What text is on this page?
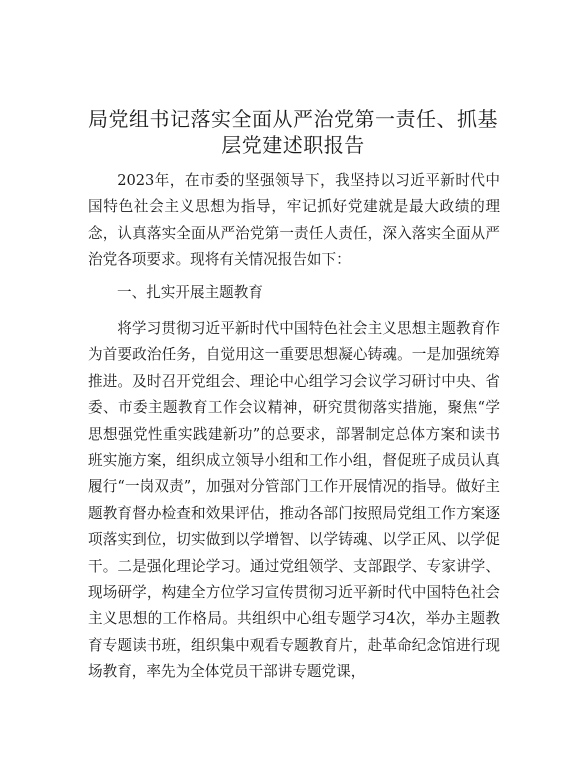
局党组书记落实全面从严治党第一责任、抓基
层党建述职报告

2023年，在市委的坚强领导下，我坚持以习近平新时代中国特色社会主义思想为指导，牢记抓好党建就是最大政绩的理念，认真落实全面从严治党第一责任人责任，深入落实全面从严治党各项要求。现将有关情况报告如下：

一、扎实开展主题教育

将学习贯彻习近平新时代中国特色社会主义思想主题教育作为首要政治任务，自觉用这一重要思想凝心铸魂。一是加强统筹推进。及时召开党组会、理论中心组学习会议学习研讨中央、省委、市委主题教育工作会议精神，研究贯彻落实措施，聚焦“学思想强党性重实践建新功”的总要求，部署制定总体方案和读书班实施方案，组织成立领导小组和工作小组，督促班子成员认真履行“一岗双责”，加强对分管部门工作开展情况的指导。做好主题教育督办检查和效果评估，推动各部门按照局党组工作方案逐项落实到位，切实做到以学增智、以学铸魂、以学正风、以学促干。二是强化理论学习。通过党组领学、支部跟学、专家讲学、现场研学，构建全方位学习宣传贯彻习近平新时代中国特色社会主义思想的工作格局。共组织中心组专题学习4次，举办主题教育专题读书班，组织集中观看专题教育片，赴革命纪念馆进行现场教育，率先为全体党员干部讲专题党课，
